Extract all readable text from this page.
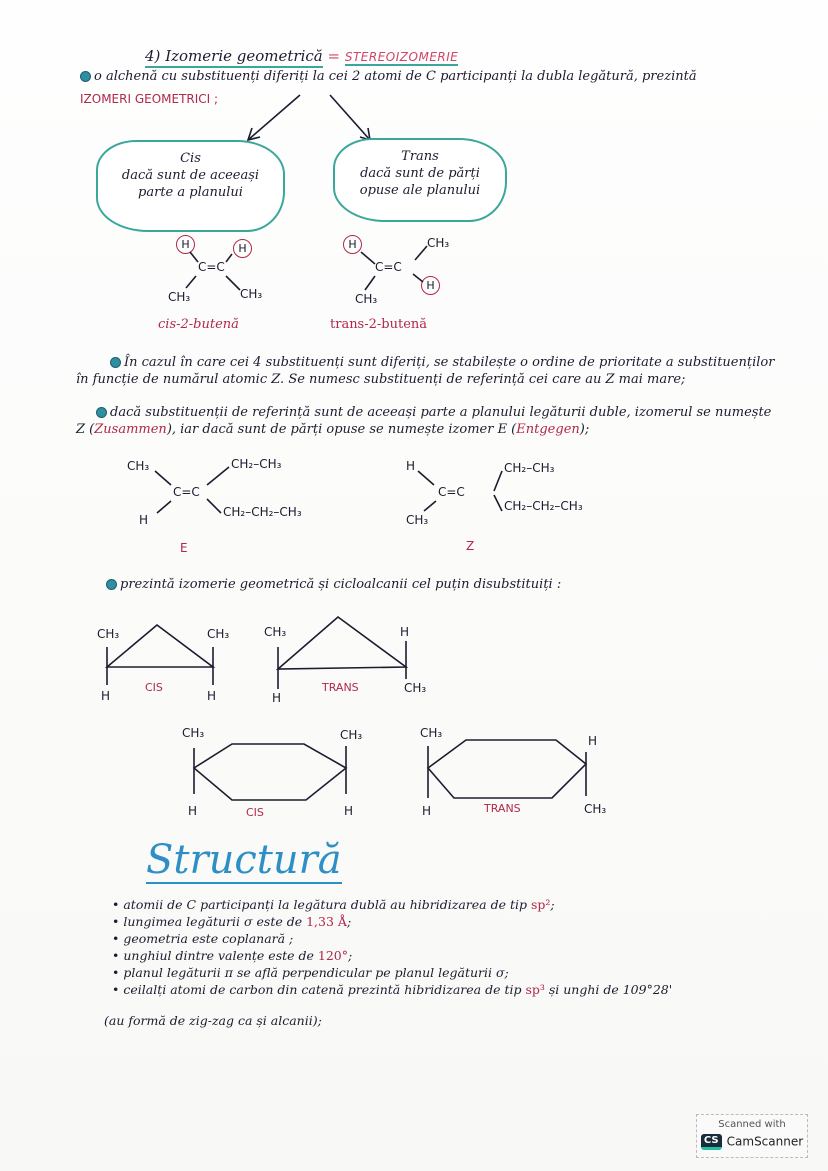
4) Izomerie geometrică = STEREOIZOMERIE
o alchenă cu substituenți diferiți la cei 2 atomi de C participanți la dubla legătură, prezintă
IZOMERI GEOMETRICI ;
Cis
dacă sunt de aceeași
parte a planului
Trans
dacă sunt de părți
opuse ale planului
H	H
C=C
CH₃	CH₃
cis-2-butenă
H	CH₃
C=C
CH₃
H
trans-2-butenă
În cazul în care cei 4 substituenți sunt diferiți, se stabilește o ordine de prioritate a substituenților în funcție de numărul atomic Z. Se numesc substituenți de referință cei care au Z mai mare;
dacă substituenții de referință sunt de aceeași parte a planului legăturii duble, izomerul se numește Z (Zusammen), iar dacă sunt de părți opuse se numește izomer E (Entgegen);
CH₃
H
C=C
CH₂–CH₃
CH₂–CH₂–CH₃
E
H
CH₃
C=C
CH₂–CH₃
CH₂–CH₂–CH₃
Z
prezintă izomerie geometrică și cicloalcanii cel puțin disubstituiți :
CH₃	CH₃
H	H
CIS
CH₃	H
H
CH₃
TRANS
CH₃	CH₃
H	H
CIS
CH₃
H
H	CH₃
TRANS
Structură
• atomii de C participanți la legătura dublă au hibridizarea de tip sp²;
• lungimea legăturii σ este de 1,33 Å;
• geometria este coplanară ;
• unghiul dintre valențe este de 120°;
• planul legăturii π se află perpendicular pe planul legăturii σ;
• ceilalți atomi de carbon din catenă prezintă hibridizarea de tip sp³ și unghi de 109°28'
(au formă de zig-zag ca și alcanii);
Scanned with
CS CamScanner
